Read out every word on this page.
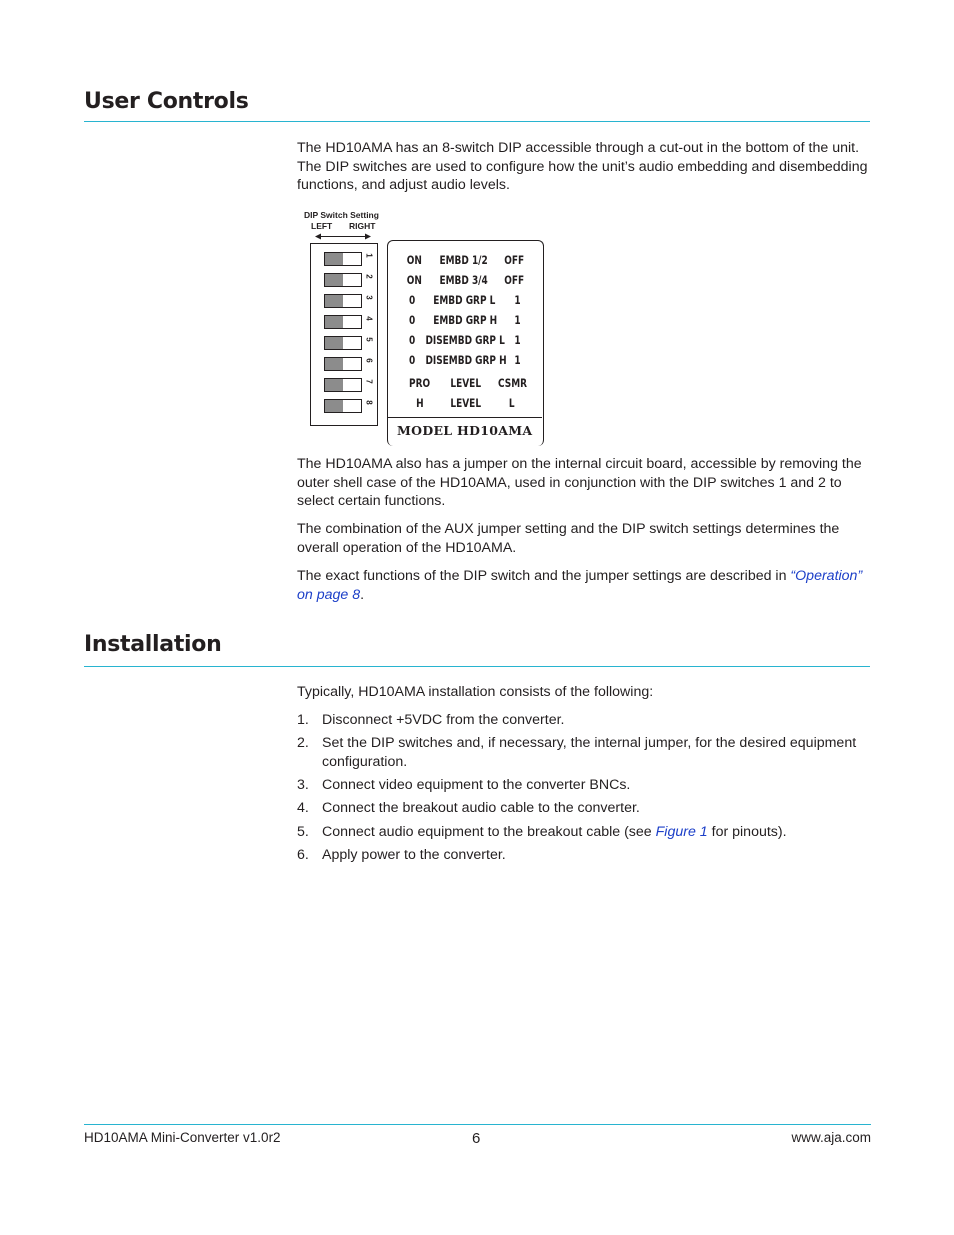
User Controls

The HD10AMA has an 8-switch DIP accessible through a cut-out in the bottom of the unit. The DIP switches are used to configure how the unit’s audio embedding and disembedding functions, and adjust audio levels.

DIP Switch Setting
LEFT RIGHT
1
2
3
4
5
6
7
8
ON EMBD 1/2 OFF
ON EMBD 3/4 OFF
0 EMBD GRP L 1
0 EMBD GRP H 1
0 DISEMBD GRP L 1
0 DISEMBD GRP H 1
PRO LEVEL CSMR
H LEVEL L
MODEL HD10AMA

The HD10AMA also has a jumper on the internal circuit board, accessible by removing the outer shell case of the HD10AMA, used in conjunction with the DIP switches 1 and 2 to select certain functions.

The combination of the AUX jumper setting and the DIP switch settings determines the overall operation of the HD10AMA.

The exact functions of the DIP switch and the jumper settings are described in “Operation” on page 8.

Installation

Typically, HD10AMA installation consists of the following:

1. Disconnect +5VDC from the converter.
2. Set the DIP switches and, if necessary, the internal jumper, for the desired equipment configuration.
3. Connect video equipment to the converter BNCs.
4. Connect the breakout audio cable to the converter.
5. Connect audio equipment to the breakout cable (see Figure 1 for pinouts).
6. Apply power to the converter.
HD10AMA Mini-Converter v1.0r2	6	www.aja.com
